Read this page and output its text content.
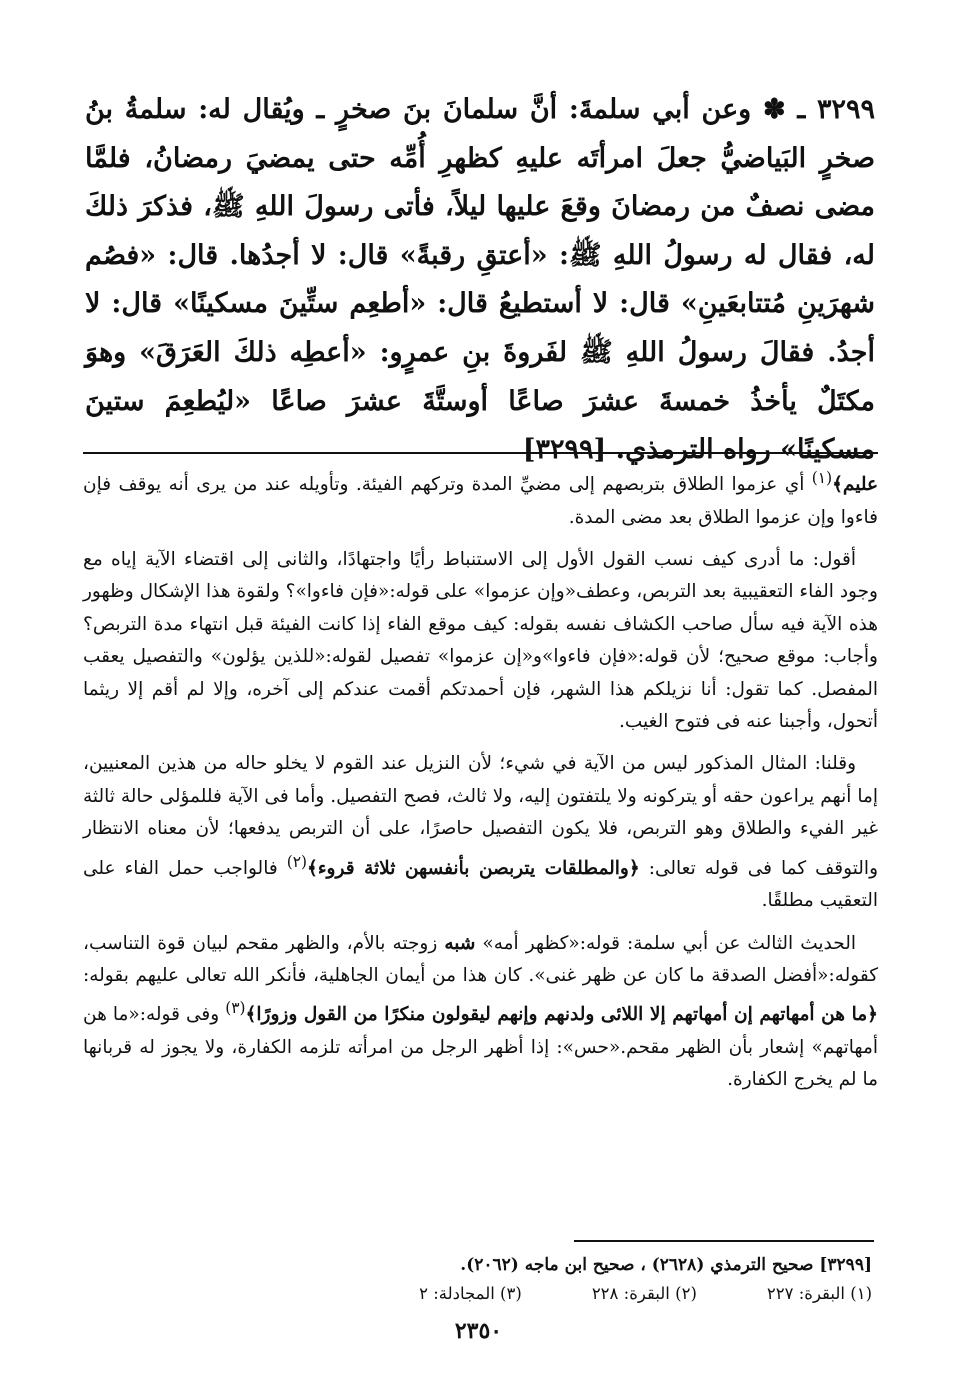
٣٢٩٩ ـ ✽ وعن أبي سلمةَ: أنَّ سلمانَ بنَ صخرٍ ـ ويُقال له: سلمةُ بنُ صخرٍ البَياضيُّ جعلَ امرأتَه عليهِ كظهرِ أُمِّه حتى يمضيَ رمضانُ، فلمَّا مضى نصفٌ من رمضانَ وقعَ عليها ليلاً، فأتى رسولَ اللهِ ﷺ، فذكرَ ذلكَ له، فقال له رسولُ اللهِ ﷺ: «أعتقِ رقبةً» قال: لا أجدُها. قال: «فصُم شهرَينِ مُتتابعَينِ» قال: لا أستطيعُ قال: «أطعِم ستِّينَ مسكينًا» قال: لا أجدُ. فقالَ رسولُ اللهِ ﷺ لفَروةَ بنِ عمرٍو: «أعطِه ذلكَ العَرَقَ» وهوَ مكتَلٌ يأخذُ خمسةَ عشرَ صاعًا أوستَّةَ عشرَ صاعًا «ليُطعِمَ ستينَ مسكينًا» رواه الترمذي. [٣٢٩٩]

عليم﴾$^{(١)}$ أي عزموا الطلاق بتربصهم إلى مضيِّ المدة وتركهم الفيئة. وتأويله عند من يرى أنه يوقف فإن فاءوا وإن عزموا الطلاق بعد مضى المدة.

أقول: ما أدرى كيف نسب القول الأول إلى الاستنباط رأيًا واجتهادًا، والثانى إلى اقتضاء الآية إياه مع وجود الفاء التعقيبية بعد التربص، وعطف«وإن عزموا» على قوله:«فإن فاءوا»؟ ولقوة هذا الإشكال وظهور هذه الآية فيه سأل صاحب الكشاف نفسه بقوله: كيف موقع الفاء إذا كانت الفيئة قبل انتهاء مدة التربص؟ وأجاب: موقع صحيح؛ لأن قوله:«فإن فاءوا»و«إن عزموا» تفصيل لقوله:«للذين يؤلون» والتفصيل يعقب المفصل. كما تقول: أنا نزيلكم هذا الشهر، فإن أحمدتكم أقمت عندكم إلى آخره، وإلا لم أقم إلا ريثما أتحول، وأجبنا عنه فى فتوح الغيب.

وقلنا: المثال المذكور ليس من الآية في شيء؛ لأن النزيل عند القوم لا يخلو حاله من هذين المعنيين، إما أنهم يراعون حقه أو يتركونه ولا يلتفتون إليه، ولا ثالث، فصح التفصيل. وأما فى الآية فللمؤلى حالة ثالثة غير الفيء والطلاق وهو التربص، فلا يكون التفصيل حاصرًا، على أن التربص يدفعها؛ لأن معناه الانتظار والتوقف كما فى قوله تعالى: ﴿والمطلقات يتربصن بأنفسهن ثلاثة قروء﴾$^{(٢)}$ فالواجب حمل الفاء على التعقيب مطلقًا.

الحديث الثالث عن أبي سلمة: قوله:«كظهر أمه» شبه زوجته بالأم، والظهر مقحم لبيان قوة التناسب، كقوله:«أفضل الصدقة ما كان عن ظهر غنى». كان هذا من أيمان الجاهلية، فأنكر الله تعالى عليهم بقوله: ﴿ما هن أمهاتهم إن أمهاتهم إلا اللائى ولدنهم وإنهم ليقولون منكرًا من القول وزورًا﴾$^{(٣)}$ وفى قوله:«ما هن أمهاتهم» إشعار بأن الظهر مقحم.«حس»: إذا أظهر الرجل من امرأته تلزمه الكفارة، ولا يجوز له قربانها ما لم يخرج الكفارة.

[٣٢٩٩] صحيح الترمذي (٢٦٢٨) ، صحيح ابن ماجه (٢٠٦٢).
(١) البقرة: ٢٢٧
(٢) البقرة: ٢٢٨
(٣) المجادلة: ٢
٢٣٥٠
